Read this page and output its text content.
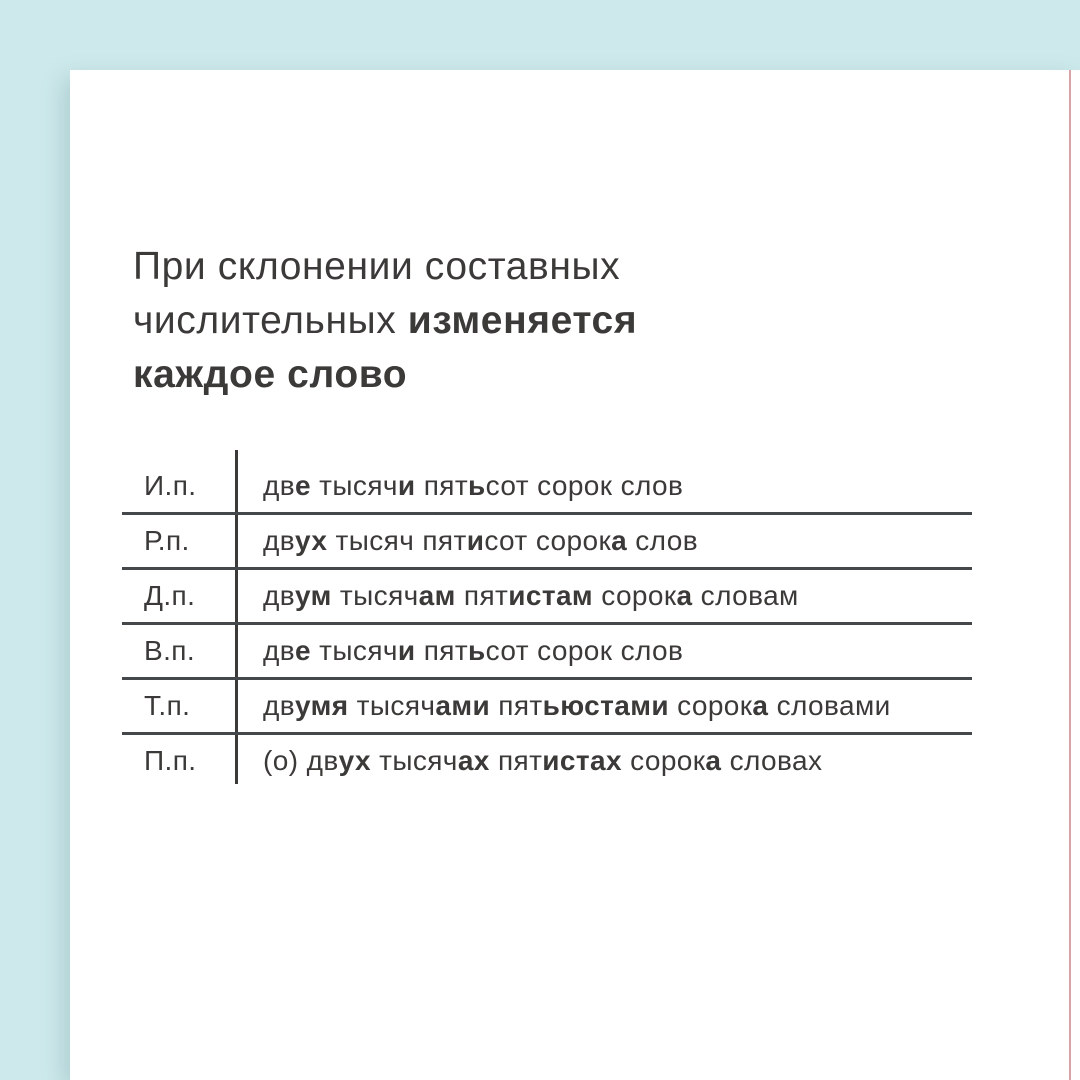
При склонении составных
числительных изменяется
каждое слово
И.п.	две тысячи пятьсот сорок слов
Р.п.	двух тысяч пятисот сорока слов
Д.п.	двум тысячам пятистам сорока словам
В.п.	две тысячи пятьсот сорок слов
Т.п.	двумя тысячами пятьюстами сорока словами
П.п.	(о) двух тысячах пятистах сорока словах
